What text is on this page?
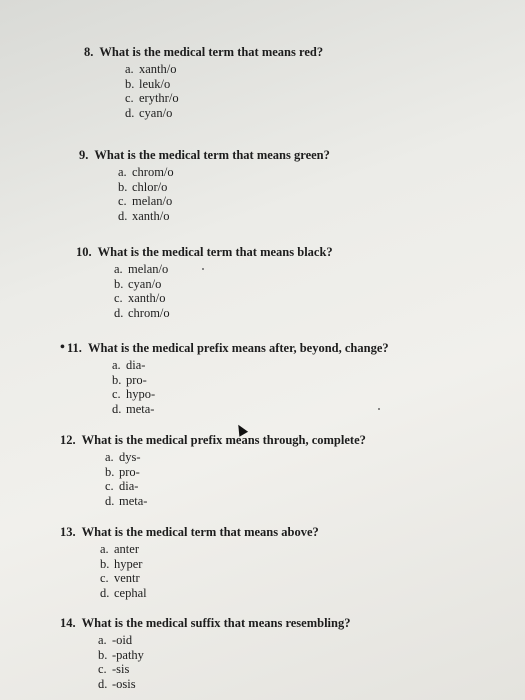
8. What is the medical term that means red?
a. xanth/o
b. leuk/o
c. erythr/o
d. cyan/o
9. What is the medical term that means green?
a. chrom/o
b. chlor/o
c. melan/o
d. xanth/o
10. What is the medical term that means black?
a. melan/o
b. cyan/o
c. xanth/o
d. chrom/o
• 11. What is the medical prefix means after, beyond, change?
a. dia-
b. pro-
c. hypo-
d. meta-
12. What is the medical prefix means through, complete?
a. dys-
b. pro-
c. dia-
d. meta-
13. What is the medical term that means above?
a. anter
b. hyper
c. ventr
d. cephal
14. What is the medical suffix that means resembling?
a. -oid
b. -pathy
c. -sis
d. -osis
